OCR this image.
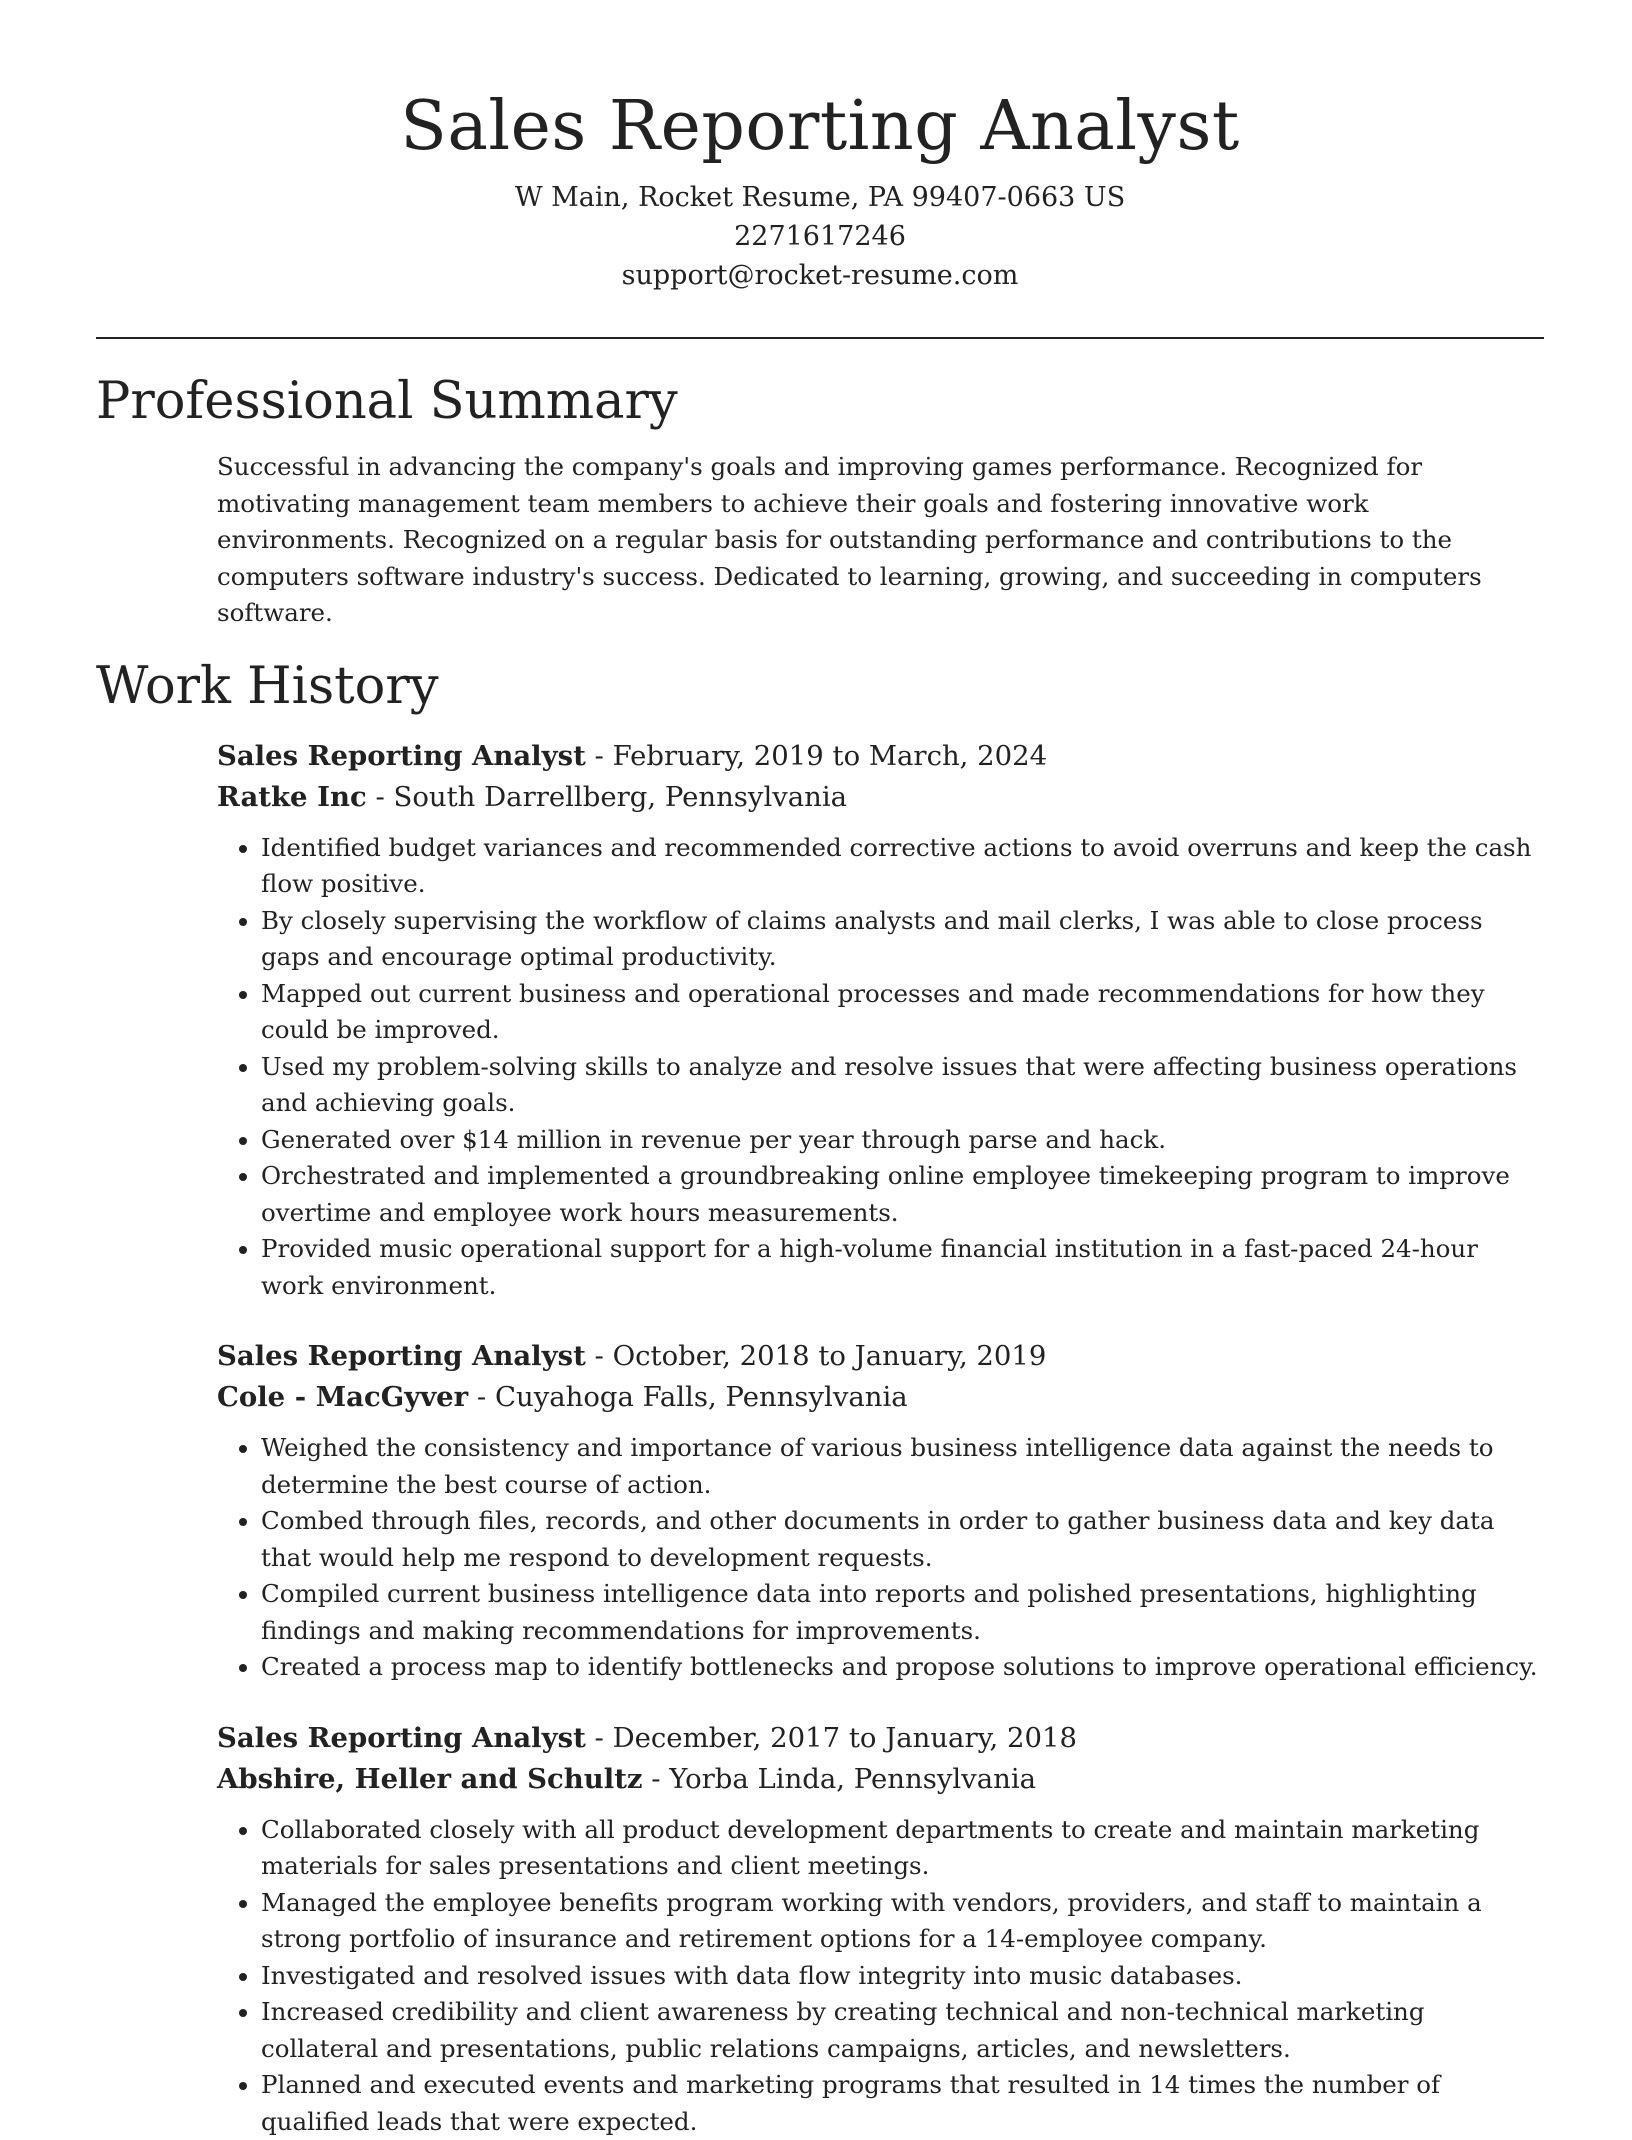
Sales Reporting Analyst
W Main, Rocket Resume, PA 99407-0663 US
2271617246
support@rocket-resume.com
Professional Summary

Successful in advancing the company's goals and improving games performance. Recognized for motivating management team members to achieve their goals and fostering innovative work environments. Recognized on a regular basis for outstanding performance and contributions to the computers software industry's success. Dedicated to learning, growing, and succeeding in computers software.

Work History
Sales Reporting Analyst - February, 2019 to March, 2024
Ratke Inc - South Darrellberg, Pennsylvania
• Identified budget variances and recommended corrective actions to avoid overruns and keep the cash flow positive.
• By closely supervising the workflow of claims analysts and mail clerks, I was able to close process gaps and encourage optimal productivity.
• Mapped out current business and operational processes and made recommendations for how they could be improved.
• Used my problem-solving skills to analyze and resolve issues that were affecting business operations and achieving goals.
• Generated over $14 million in revenue per year through parse and hack.
• Orchestrated and implemented a groundbreaking online employee timekeeping program to improve overtime and employee work hours measurements.
• Provided music operational support for a high-volume financial institution in a fast-paced 24-hour work environment.
Sales Reporting Analyst - October, 2018 to January, 2019
Cole - MacGyver - Cuyahoga Falls, Pennsylvania
• Weighed the consistency and importance of various business intelligence data against the needs to determine the best course of action.
• Combed through files, records, and other documents in order to gather business data and key data that would help me respond to development requests.
• Compiled current business intelligence data into reports and polished presentations, highlighting findings and making recommendations for improvements.
• Created a process map to identify bottlenecks and propose solutions to improve operational efficiency.
Sales Reporting Analyst - December, 2017 to January, 2018
Abshire, Heller and Schultz - Yorba Linda, Pennsylvania
• Collaborated closely with all product development departments to create and maintain marketing materials for sales presentations and client meetings.
• Managed the employee benefits program working with vendors, providers, and staff to maintain a strong portfolio of insurance and retirement options for a 14-employee company.
• Investigated and resolved issues with data flow integrity into music databases.
• Increased credibility and client awareness by creating technical and non-technical marketing collateral and presentations, public relations campaigns, articles, and newsletters.
• Planned and executed events and marketing programs that resulted in 14 times the number of qualified leads that were expected.
